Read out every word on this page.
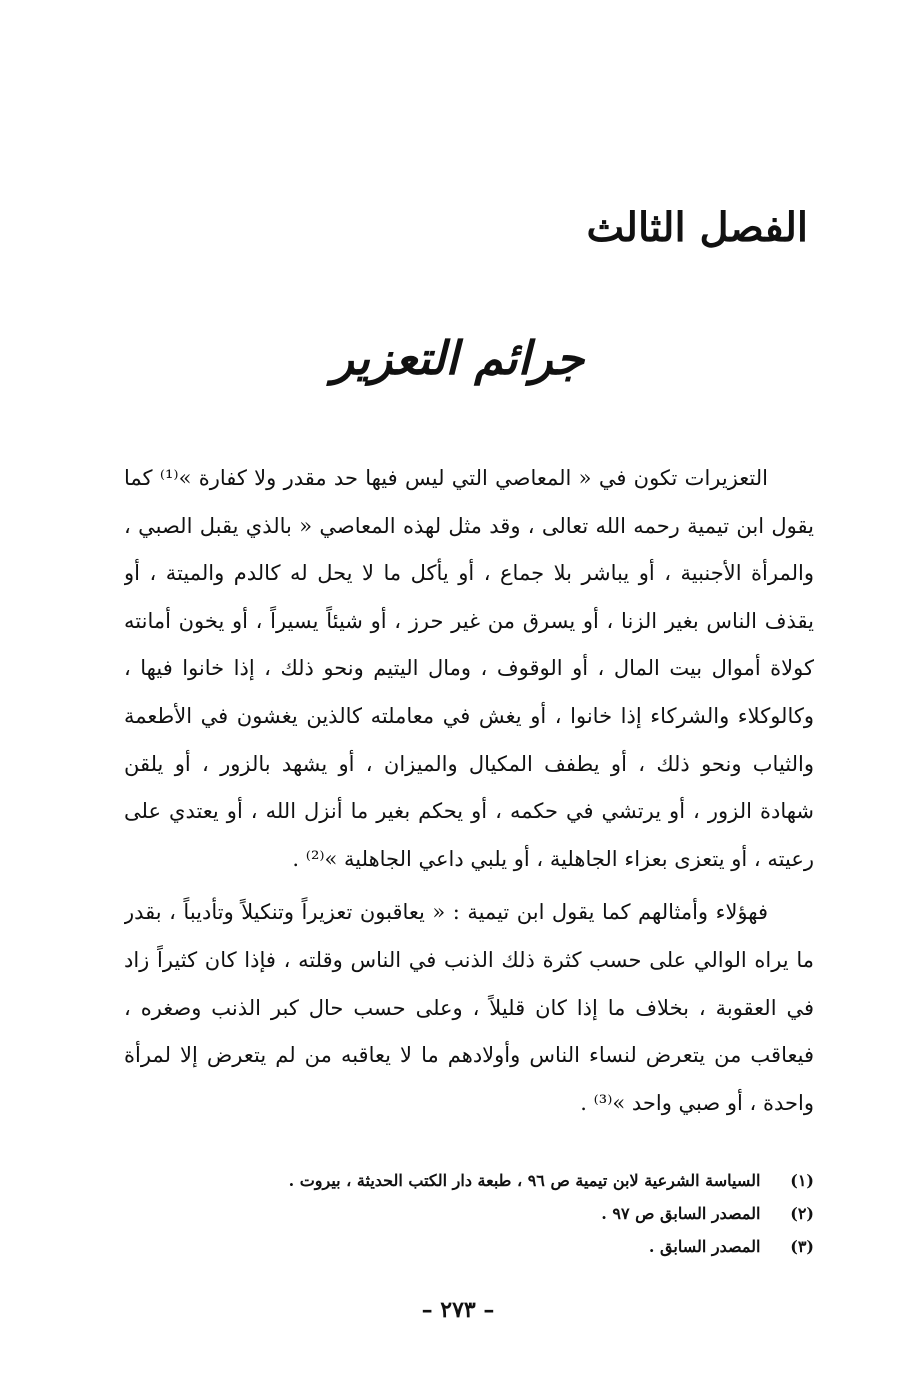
الفصل الثالث
جرائم التعزير
التعزيرات تكون في « المعاصي التي ليس فيها حد مقدر ولا كفارة »⁽¹⁾ كما
يقول ابن تيمية رحمه الله تعالى ، وقد مثل لهذه المعاصي « بالذي يقبل الصبي ،
والمرأة الأجنبية ، أو يباشر بلا جماع ، أو يأكل ما لا يحل له كالدم والميتة ، أو
يقذف الناس بغير الزنا ، أو يسرق من غير حرز ، أو شيئاً يسيراً ، أو يخون أمانته
كولاة أموال بيت المال ، أو الوقوف ، ومال اليتيم ونحو ذلك ، إذا خانوا فيها ،
وكالوكلاء والشركاء إذا خانوا ، أو يغش في معاملته كالذين يغشون في الأطعمة
والثياب ونحو ذلك ، أو يطفف المكيال والميزان ، أو يشهد بالزور ، أو يلقن
شهادة الزور ، أو يرتشي في حكمه ، أو يحكم بغير ما أنزل الله ، أو يعتدي على
رعيته ، أو يتعزى بعزاء الجاهلية ، أو يلبي داعي الجاهلية »⁽²⁾ .
فهؤلاء وأمثالهم كما يقول ابن تيمية : « يعاقبون تعزيراً وتنكيلاً وتأديباً ، بقدر
ما يراه الوالي على حسب كثرة ذلك الذنب في الناس وقلته ، فإذا كان كثيراً زاد
في العقوبة ، بخلاف ما إذا كان قليلاً ، وعلى حسب حال كبر الذنب وصغره ،
فيعاقب من يتعرض لنساء الناس وأولادهم ما لا يعاقبه من لم يتعرض إلا لمرأة
واحدة ، أو صبي واحد »⁽³⁾ .
(١) السياسة الشرعية لابن تيمية ص ٩٦ ، طبعة دار الكتب الحديثة ، بيروت .
(٢) المصدر السابق ص ٩٧ .
(٣) المصدر السابق .
– ٢٧٣ –
